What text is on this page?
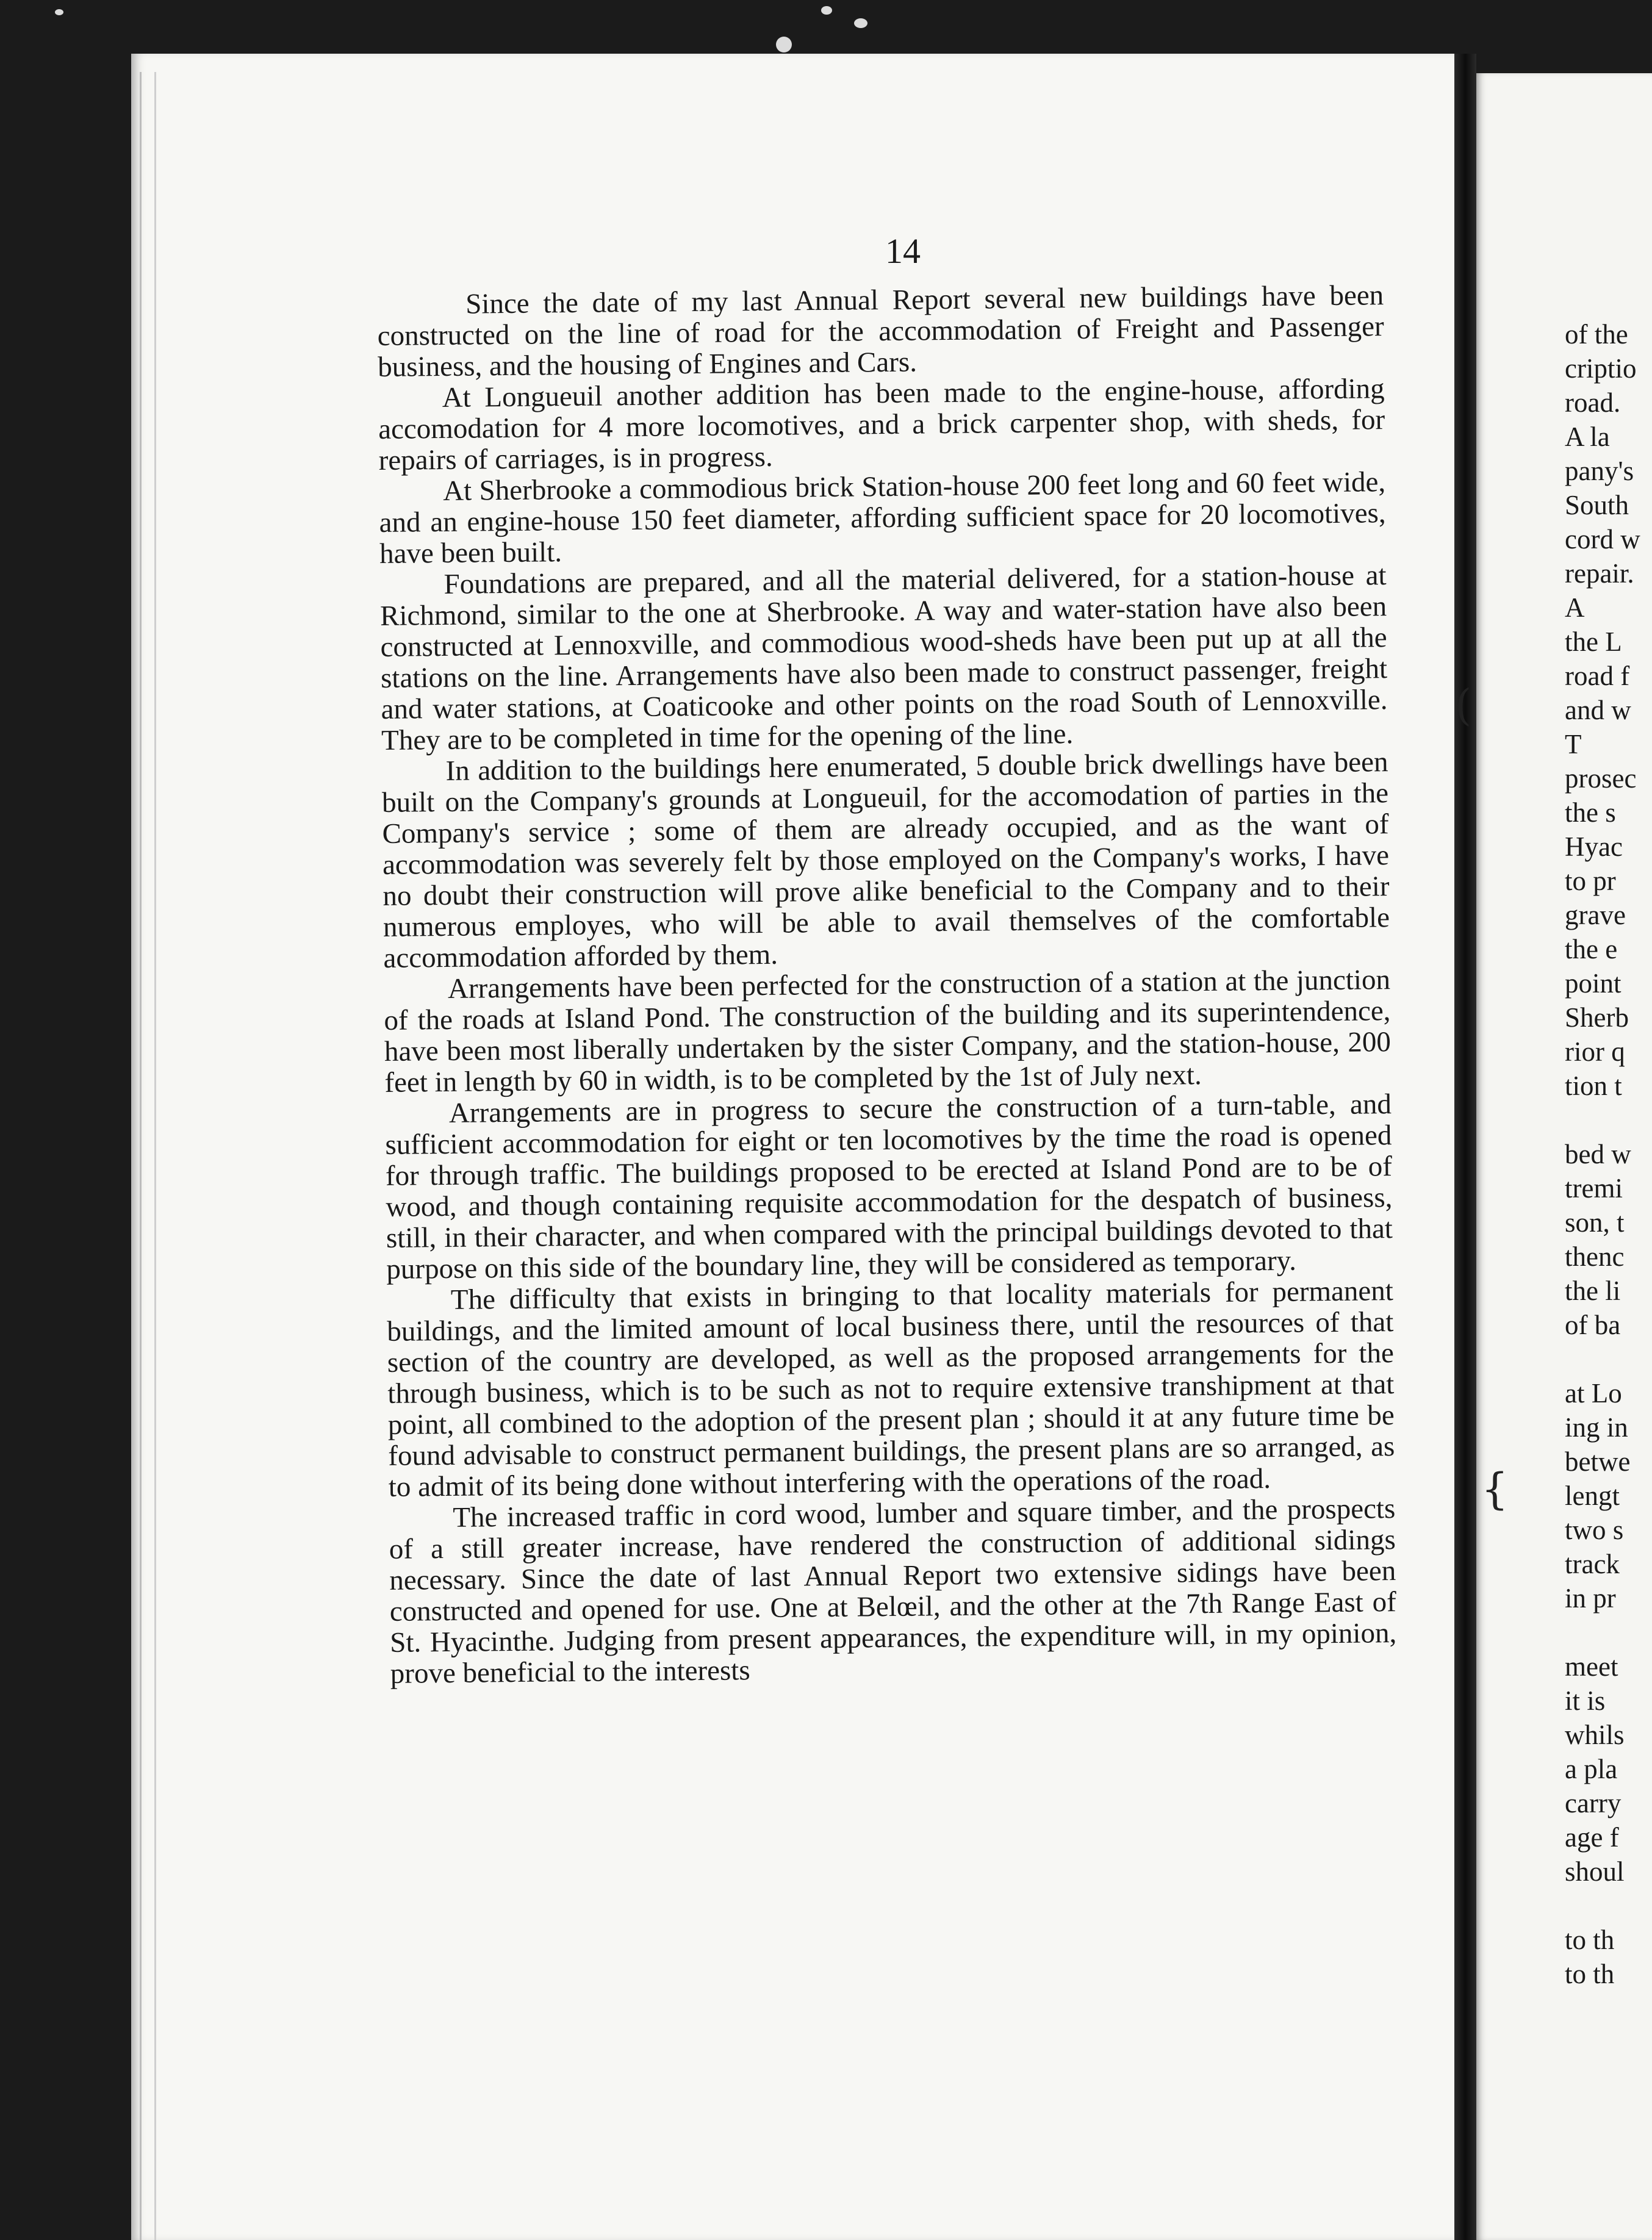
14

Since the date of my last Annual Report several new buildings have been constructed on the line of road for the accommodation of Freight and Passenger business, and the housing of Engines and Cars.

At Longueuil another addition has been made to the engine-house, affording accomodation for 4 more locomotives, and a brick carpenter shop, with sheds, for repairs of carriages, is in progress.

At Sherbrooke a commodious brick Station-house 200 feet long and 60 feet wide, and an engine-house 150 feet diameter, affording sufficient space for 20 locomotives, have been built.

Foundations are prepared, and all the material delivered, for a station-house at Richmond, similar to the one at Sherbrooke. A way and water-station have also been constructed at Lennoxville, and commodious wood-sheds have been put up at all the stations on the line. Arrangements have also been made to construct passenger, freight and water stations, at Coaticooke and other points on the road South of Lennoxville. They are to be completed in time for the opening of the line.

In addition to the buildings here enumerated, 5 double brick dwellings have been built on the Company's grounds at Longueuil, for the accomodation of parties in the Company's service ; some of them are already occupied, and as the want of accommodation was severely felt by those employed on the Company's works, I have no doubt their construction will prove alike beneficial to the Company and to their numerous employes, who will be able to avail themselves of the comfortable accommodation afforded by them.

Arrangements have been perfected for the construction of a station at the junction of the roads at Island Pond. The construction of the building and its superintendence, have been most liberally undertaken by the sister Company, and the station-house, 200 feet in length by 60 in width, is to be completed by the 1st of July next.

Arrangements are in progress to secure the construction of a turn-table, and sufficient accommodation for eight or ten locomotives by the time the road is opened for through traffic. The buildings proposed to be erected at Island Pond are to be of wood, and though containing requisite accommodation for the despatch of business, still, in their character, and when compared with the principal buildings devoted to that purpose on this side of the boundary line, they will be considered as temporary.

The difficulty that exists in bringing to that locality materials for permanent buildings, and the limited amount of local business there, until the resources of that section of the country are developed, as well as the proposed arrangements for the through business, which is to be such as not to require extensive transhipment at that point, all combined to the adoption of the present plan ; should it at any future time be found advisable to construct permanent buildings, the present plans are so arranged, as to admit of its being done without interfering with the operations of the road.

The increased traffic in cord wood, lumber and square timber, and the prospects of a still greater increase, have rendered the construction of additional sidings necessary. Since the date of last Annual Report two extensive sidings have been constructed and opened for use. One at Belœil, and the other at the 7th Range East of St. Hyacinthe. Judging from present appearances, the expenditure will, in my opinion, prove beneficial to the interests

of the
criptio
road.
A la
pany's
South
cord w
repair.
A
the L
road f
and w
T
prosec
the s
Hyac
to pr
grave
the e
point
Sherb
rior q
tion t
bed w
tremi
son, t
thenc
the li
of ba
at Lo
ing in
betwe
lengt
two s
track
in pr
meet
it is
whils
a pla
carry
age f
shoul
to th
to th
(
{
